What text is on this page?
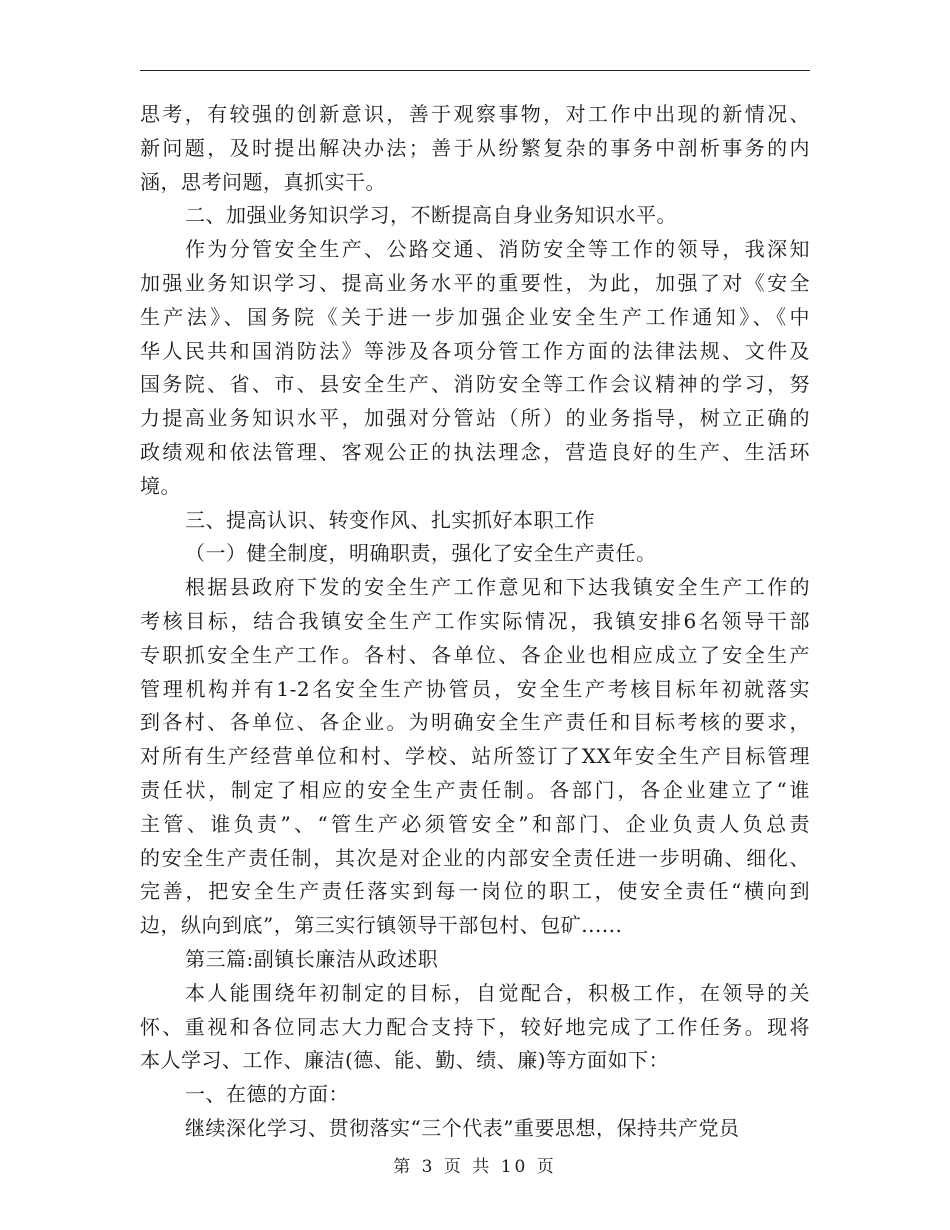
思考，有较强的创新意识，善于观察事物，对工作中出现的新情况、
新问题，及时提出解决办法；善于从纷繁复杂的事务中剖析事务的内
涵，思考问题，真抓实干。
二、加强业务知识学习，不断提高自身业务知识水平。
作为分管安全生产、公路交通、消防安全等工作的领导，我深知
加强业务知识学习、提高业务水平的重要性，为此，加强了对《安全
生产法》、国务院《关于进一步加强企业安全生产工作通知》、《中
华人民共和国消防法》等涉及各项分管工作方面的法律法规、文件及
国务院、省、市、县安全生产、消防安全等工作会议精神的学习，努
力提高业务知识水平，加强对分管站（所）的业务指导，树立正确的
政绩观和依法管理、客观公正的执法理念，营造良好的生产、生活环
境。
三、提高认识、转变作风、扎实抓好本职工作
（一）健全制度，明确职责，强化了安全生产责任。
根据县政府下发的安全生产工作意见和下达我镇安全生产工作的
考核目标，结合我镇安全生产工作实际情况，我镇安排6名领导干部
专职抓安全生产工作。各村、各单位、各企业也相应成立了安全生产
管理机构并有1-2名安全生产协管员，安全生产考核目标年初就落实
到各村、各单位、各企业。为明确安全生产责任和目标考核的要求，
对所有生产经营单位和村、学校、站所签订了XX年安全生产目标管理
责任状，制定了相应的安全生产责任制。各部门，各企业建立了“谁
主管、谁负责”、“管生产必须管安全”和部门、企业负责人负总责
的安全生产责任制，其次是对企业的内部安全责任进一步明确、细化、
完善，把安全生产责任落实到每一岗位的职工，使安全责任“横向到
边，纵向到底”，第三实行镇领导干部包村、包矿......
第三篇:副镇长廉洁从政述职
本人能围绕年初制定的目标，自觉配合，积极工作，在领导的关
怀、重视和各位同志大力配合支持下，较好地完成了工作任务。现将
本人学习、工作、廉洁(德、能、勤、绩、廉)等方面如下：
一、在德的方面：
继续深化学习、贯彻落实“三个代表”重要思想，保持共产党员
第 3 页 共 10 页
